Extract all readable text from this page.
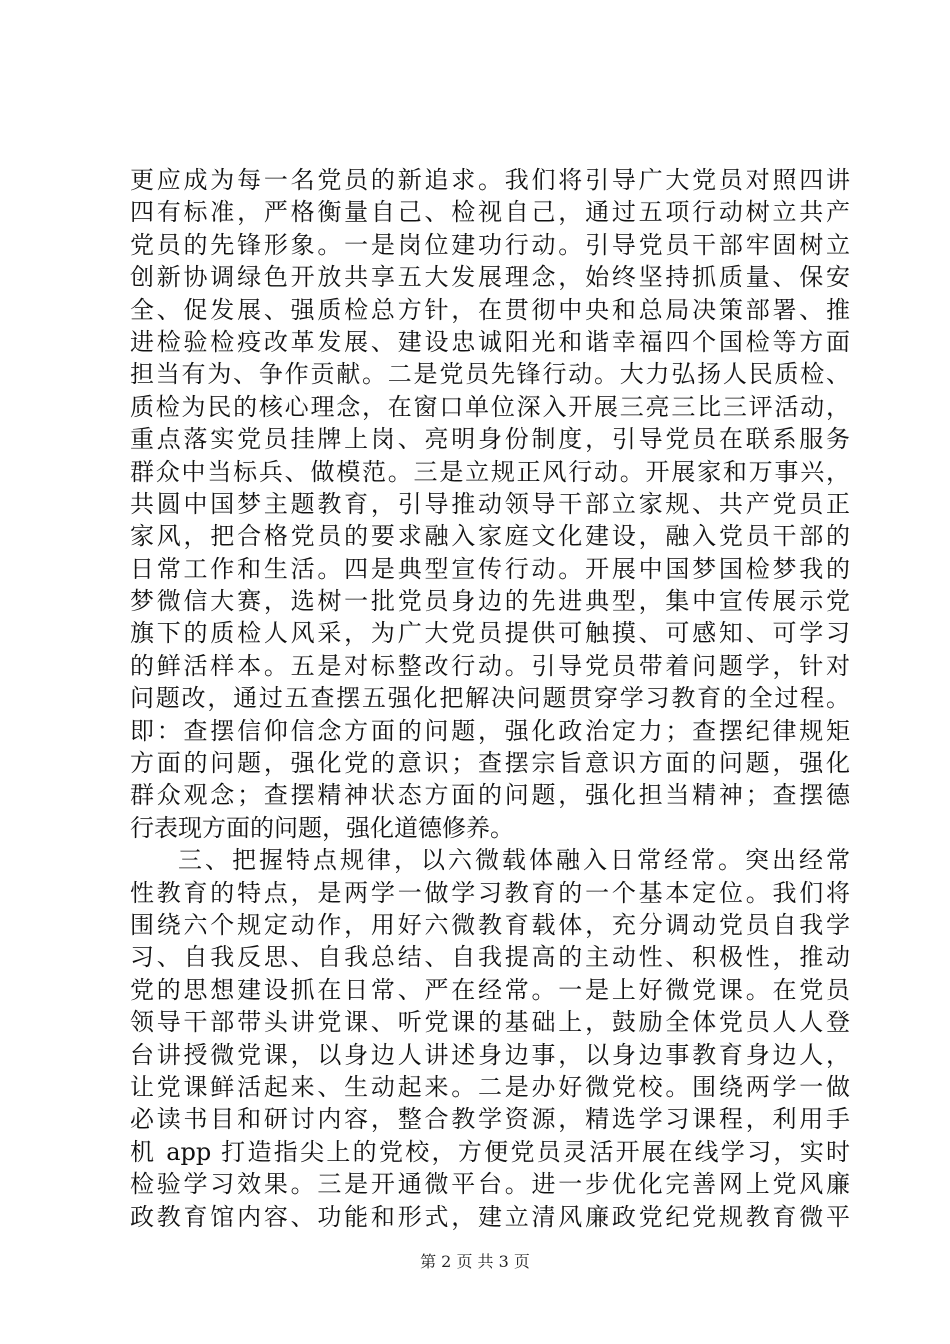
更应成为每一名党员的新追求。我们将引导广大党员对照四讲
四有标准，严格衡量自己、检视自己，通过五项行动树立共产
党员的先锋形象。一是岗位建功行动。引导党员干部牢固树立
创新协调绿色开放共享五大发展理念，始终坚持抓质量、保安
全、促发展、强质检总方针，在贯彻中央和总局决策部署、推
进检验检疫改革发展、建设忠诚阳光和谐幸福四个国检等方面
担当有为、争作贡献。二是党员先锋行动。大力弘扬人民质检、
质检为民的核心理念，在窗口单位深入开展三亮三比三评活动，
重点落实党员挂牌上岗、亮明身份制度，引导党员在联系服务
群众中当标兵、做模范。三是立规正风行动。开展家和万事兴，
共圆中国梦主题教育，引导推动领导干部立家规、共产党员正
家风，把合格党员的要求融入家庭文化建设，融入党员干部的
日常工作和生活。四是典型宣传行动。开展中国梦国检梦我的
梦微信大赛，选树一批党员身边的先进典型，集中宣传展示党
旗下的质检人风采，为广大党员提供可触摸、可感知、可学习
的鲜活样本。五是对标整改行动。引导党员带着问题学，针对
问题改，通过五查摆五强化把解决问题贯穿学习教育的全过程。
即：查摆信仰信念方面的问题，强化政治定力；查摆纪律规矩
方面的问题，强化党的意识；查摆宗旨意识方面的问题，强化
群众观念；查摆精神状态方面的问题，强化担当精神；查摆德
行表现方面的问题，强化道德修养。
三、把握特点规律，以六微载体融入日常经常。突出经常
性教育的特点，是两学一做学习教育的一个基本定位。我们将
围绕六个规定动作，用好六微教育载体，充分调动党员自我学
习、自我反思、自我总结、自我提高的主动性、积极性，推动
党的思想建设抓在日常、严在经常。一是上好微党课。在党员
领导干部带头讲党课、听党课的基础上，鼓励全体党员人人登
台讲授微党课，以身边人讲述身边事，以身边事教育身边人，
让党课鲜活起来、生动起来。二是办好微党校。围绕两学一做
必读书目和研讨内容，整合教学资源，精选学习课程，利用手
机 app 打造指尖上的党校，方便党员灵活开展在线学习，实时
检验学习效果。三是开通微平台。进一步优化完善网上党风廉
政教育馆内容、功能和形式，建立清风廉政党纪党规教育微平
第 2 页 共 3 页
